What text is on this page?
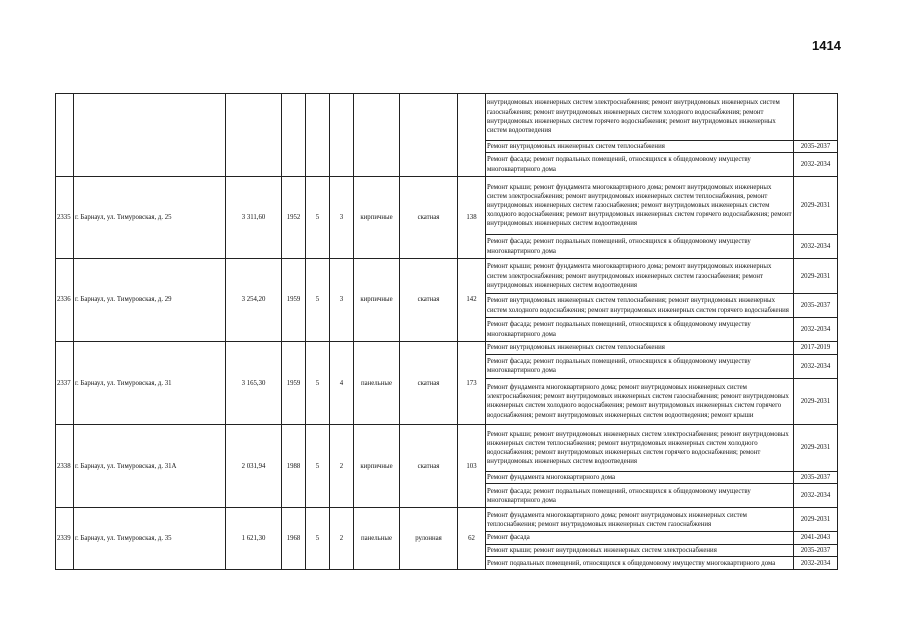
1414
									внутридомовых инженерных систем электроснабжения; ремонт внутридомовых инженерных систем газоснабжения; ремонт внутридомовых инженерных систем холодного водоснабжения; ремонт внутридомовых инженерных систем горячего водоснабжения; ремонт внутридомовых инженерных систем водоотведения	
									Ремонт внутридомовых инженерных систем теплоснабжения	2035-2037
									Ремонт фасада; ремонт подвальных помещений, относящихся к общедомовому имуществу многоквартирного дома	2032-2034
2335	г. Барнаул, ул. Тимуровская, д. 25	3 311,60	1952	5	3	кирпичные	скатная	138	Ремонт крыши; ремонт фундамента многоквартирного дома; ремонт внутридомовых инженерных систем электроснабжения; ремонт внутридомовых инженерных систем теплоснабжения, ремонт внутридомовых инженерных систем газоснабжения; ремонт внутридомовых инженерных систем холодного водоснабжения; ремонт внутридомовых инженерных систем горячего водоснабжения; ремонт внутридомовых инженерных систем водоотведения	2029-2031
									Ремонт фасада; ремонт подвальных помещений, относящихся к общедомовому имуществу многоквартирного дома	2032-2034
2336	г. Барнаул, ул. Тимуровская, д. 29	3 254,20	1959	5	3	кирпичные	скатная	142	Ремонт крыши; ремонт фундамента многоквартирного дома; ремонт внутридомовых инженерных систем электроснабжения; ремонт внутридомовых инженерных систем газоснабжения; ремонт внутридомовых инженерных систем водоотведения	2029-2031
									Ремонт внутридомовых инженерных систем теплоснабжения; ремонт внутридомовых инженерных систем холодного водоснабжения; ремонт внутридомовых инженерных систем горячего водоснабжения	2035-2037
									Ремонт фасада; ремонт подвальных помещений, относящихся к общедомовому имуществу многоквартирного дома	2032-2034
2337	г. Барнаул, ул. Тимуровская, д. 31	3 165,30	1959	5	4	панельные	скатная	173	Ремонт внутридомовых инженерных систем теплоснабжения	2017-2019
									Ремонт фасада; ремонт подвальных помещений, относящихся к общедомовому имуществу многоквартирного дома	2032-2034
									Ремонт фундамента многоквартирного дома; ремонт внутридомовых инженерных систем электроснабжения; ремонт внутридомовых инженерных систем газоснабжения; ремонт внутридомовых инженерных систем холодного водоснабжения; ремонт внутридомовых инженерных систем горячего водоснабжения; ремонт внутридомовых инженерных систем водоотведения; ремонт крыши	2029-2031
2338	г. Барнаул, ул. Тимуровская, д. 31А	2 031,94	1988	5	2	кирпичные	скатная	103	Ремонт крыши; ремонт внутридомовых инженерных систем электроснабжения; ремонт внутридомовых инженерных систем теплоснабжения; ремонт внутридомовых инженерных систем холодного водоснабжения; ремонт внутридомовых инженерных систем горячего водоснабжения; ремонт внутридомовых инженерных систем водоотведения	2029-2031
									Ремонт фундамента многоквартирного дома	2035-2037
									Ремонт фасада; ремонт подвальных помещений, относящихся к общедомовому имуществу многоквартирного дома	2032-2034
2339	г. Барнаул, ул. Тимуровская, д. 35	1 621,30	1968	5	2	панельные	рулонная	62	Ремонт фундамента многоквартирного дома; ремонт внутридомовых инженерных систем теплоснабжения; ремонт внутридомовых инженерных систем газоснабжения	2029-2031
									Ремонт фасада	2041-2043
									Ремонт крыши; ремонт внутридомовых инженерных систем электроснабжения	2035-2037
									Ремонт подвальных помещений, относящихся к общедомовому имуществу многоквартирного дома	2032-2034
